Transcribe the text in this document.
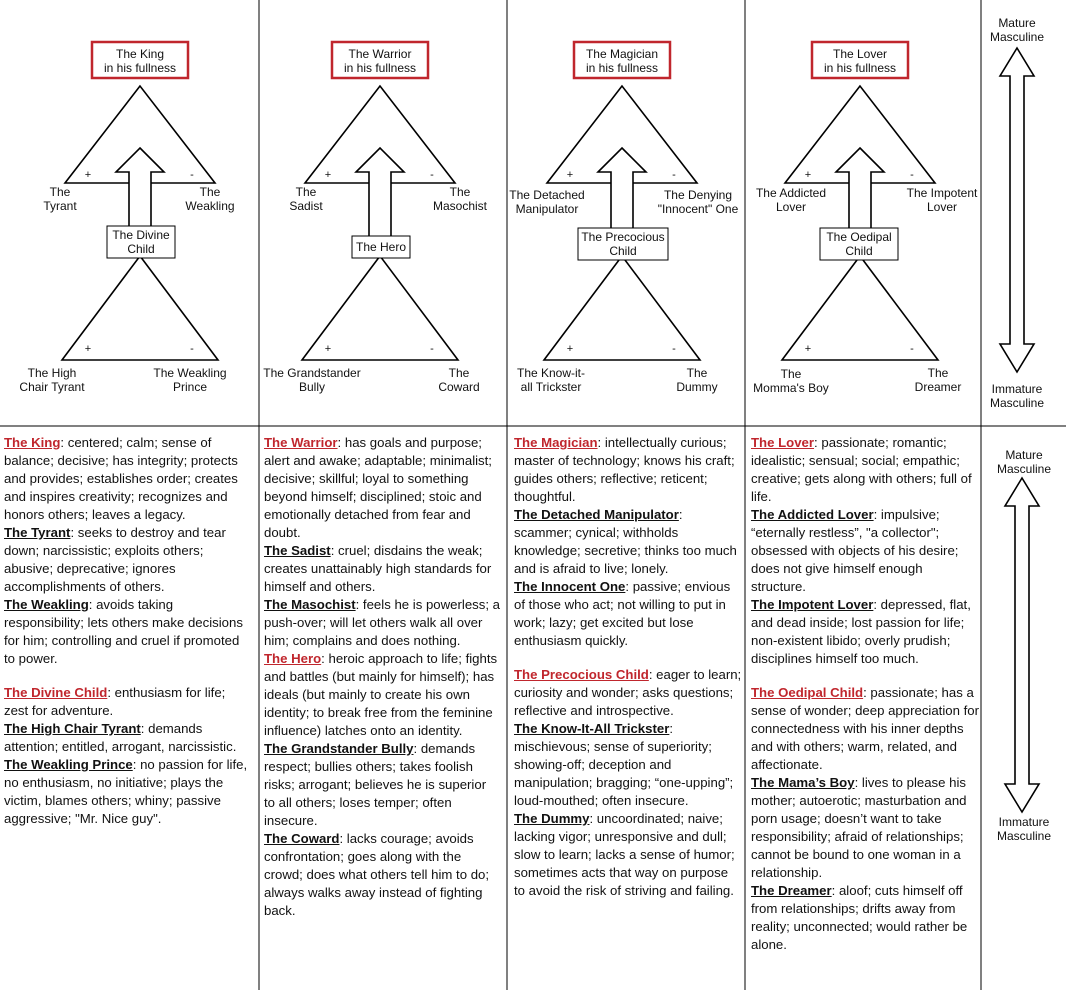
The King in his fullness
The Divine Child
+	-
+	-
The Tyrant
The Weakling
The High Chair Tyrant
The Weakling Prince
The Warrior in his fullness
The Hero
+	-
+	-
The Sadist
The Masochist
The Grandstander Bully
The Coward
The Magician in his fullness
The Precocious Child
+	-
+	-
The Detached Manipulator
The Denying "Innocent" One
The Know-it-all Trickster
The Dummy
The Lover in his fullness
The Oedipal Child
+	-
+	-
The Addicted Lover
The Impotent Lover
The Momma's Boy
The Dreamer
Mature Masculine
Immature Masculine
Mature Masculine
Immature Masculine

The King: centered; calm; sense of balance; decisive; has integrity; protects and provides; establishes order; creates and inspires creativity; recognizes and honors others; leaves a legacy.

The Tyrant: seeks to destroy and tear down; narcissistic; exploits others; abusive; deprecative; ignores accomplishments of others.

The Weakling: avoids taking responsibility; lets others make decisions for him; controlling and cruel if promoted to power.

The Divine Child: enthusiasm for life; zest for adventure.

The High Chair Tyrant: demands attention; entitled, arrogant, narcissistic.

The Weakling Prince: no passion for life, no enthusiasm, no initiative; plays the victim, blames others; whiny; passive aggressive; "Mr. Nice guy".

The Warrior: has goals and purpose; alert and awake; adaptable; minimalist; decisive; skillful; loyal to something beyond himself; disciplined; stoic and emotionally detached from fear and doubt.

The Sadist: cruel; disdains the weak; creates unattainably high standards for himself and others.

The Masochist: feels he is powerless; a push-over; will let others walk all over him; complains and does nothing.

The Hero: heroic approach to life; fights and battles (but mainly for himself); has ideals (but mainly to create his own identity; to break free from the feminine influence) latches onto an identity.

The Grandstander Bully: demands respect; bullies others; takes foolish risks; arrogant; believes he is superior to all others; loses temper; often insecure.

The Coward: lacks courage; avoids confrontation; goes along with the crowd; does what others tell him to do; always walks away instead of fighting back.

The Magician: intellectually curious; master of technology; knows his craft; guides others; reflective; reticent; thoughtful.

The Detached Manipulator: scammer; cynical; withholds knowledge; secretive; thinks too much and is afraid to live; lonely.

The Innocent One: passive; envious of those who act; not willing to put in work; lazy; get excited but lose enthusiasm quickly.

The Precocious Child: eager to learn; curiosity and wonder; asks questions; reflective and introspective.

The Know-It-All Trickster: mischievous; sense of superiority; showing-off; deception and manipulation; bragging; “one-upping”; loud-mouthed; often insecure.

The Dummy: uncoordinated; naive; lacking vigor; unresponsive and dull; slow to learn; lacks a sense of humor; sometimes acts that way on purpose to avoid the risk of striving and failing.

The Lover: passionate; romantic; idealistic; sensual; social; empathic; creative; gets along with others; full of life.

The Addicted Lover: impulsive; “eternally restless”, "a collector"; obsessed with objects of his desire; does not give himself enough structure.

The Impotent Lover: depressed, flat, and dead inside; lost passion for life; non-existent libido; overly prudish; disciplines himself too much.

The Oedipal Child: passionate; has a sense of wonder; deep appreciation for connectedness with his inner depths and with others; warm, related, and affectionate.

The Mama’s Boy: lives to please his mother; autoerotic; masturbation and porn usage; doesn’t want to take responsibility; afraid of relationships; cannot be bound to one woman in a relationship.

The Dreamer: aloof; cuts himself off from relationships; drifts away from reality; unconnected; would rather be alone.
